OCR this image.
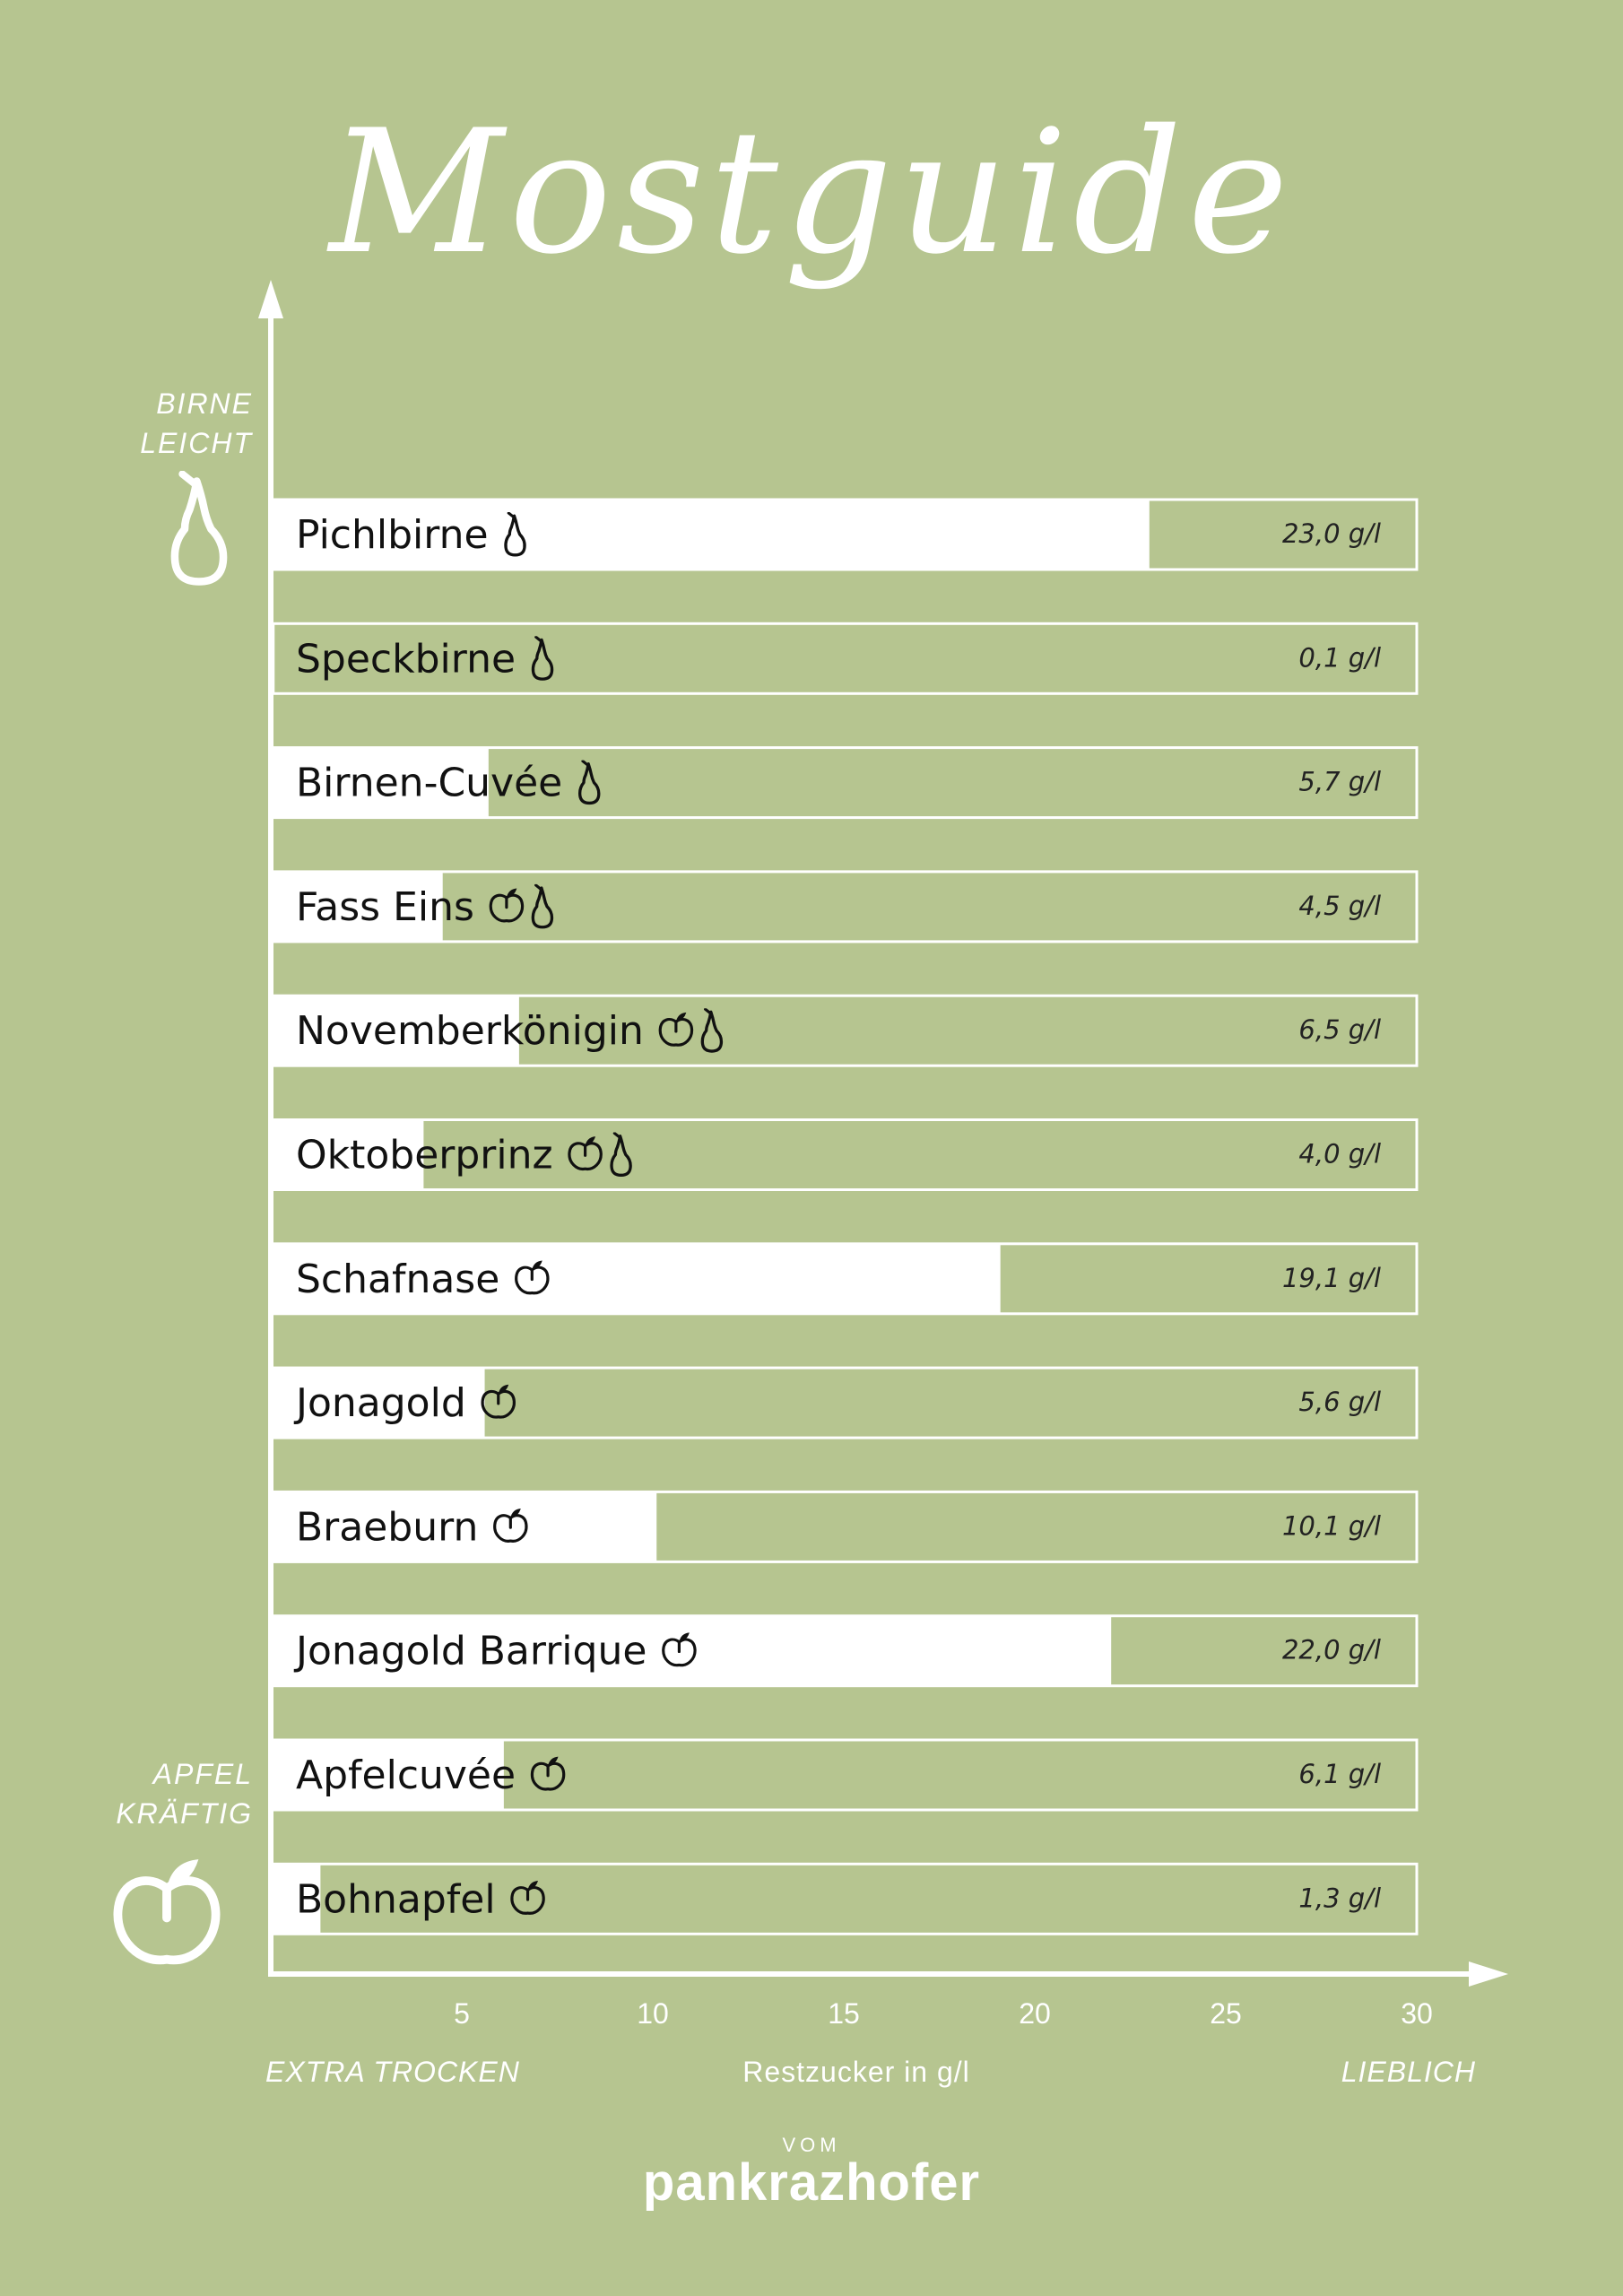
Mostguide
Pichlbirne	23,0 g/l
Speckbirne	0,1 g/l
Birnen-Cuvée	5,7 g/l
Fass Eins	4,5 g/l
Novemberkönigin	6,5 g/l
Oktoberprinz	4,0 g/l
Schafnase	19,1 g/l
Jonagold	5,6 g/l
Braeburn	10,1 g/l
Jonagold Barrique	22,0 g/l
Apfelcuvée	6,1 g/l
Bohnapfel	1,3 g/l
5	10	15	20	25	30
BIRNE
LEICHT
APFEL
KRÄFTIG
EXTRA TROCKEN	Restzucker in g/l	LIEBLICH
VOM
pankrazhofer
